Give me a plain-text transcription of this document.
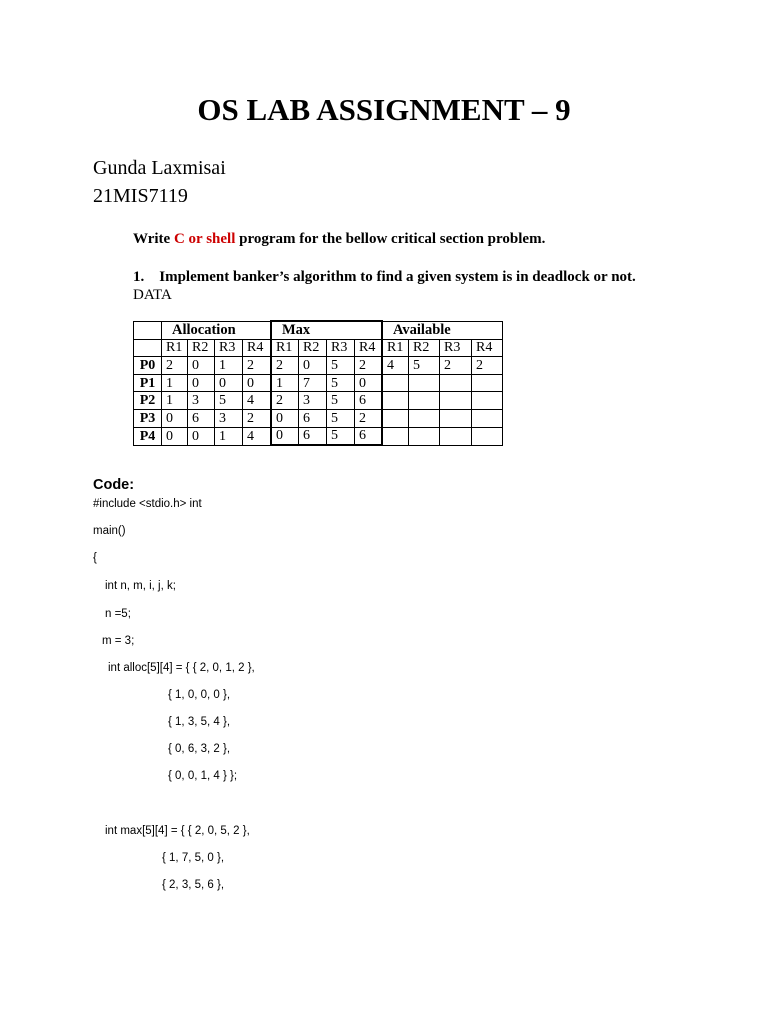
OS LAB ASSIGNMENT – 9
Gunda Laxmisai
21MIS7119
Write C or shell program for the bellow critical section problem.
1. Implement banker’s algorithm to find a given system is in deadlock or not.
DATA
	Allocation				Max				Available			
	R1	R2	R3	R4	R1	R2	R3	R4	R1	R2	R3	R4
P0	2	0	1	2	2	0	5	2	4	5	2	2
P1	1	0	0	0	1	7	5	0				
P2	1	3	5	4	2	3	5	6				
P3	0	6	3	2	0	6	5	2				
P4	0	0	1	4	0	6	5	6				
Code:
#include <stdio.h> int
main()
{
int n, m, i, j, k;
n =5;
m = 3;
int alloc[5][4] = { { 2, 0, 1, 2 },
{ 1, 0, 0, 0 },
{ 1, 3, 5, 4 },
{ 0, 6, 3, 2 },
{ 0, 0, 1, 4 } };
int max[5][4] = { { 2, 0, 5, 2 },
{ 1, 7, 5, 0 },
{ 2, 3, 5, 6 },
